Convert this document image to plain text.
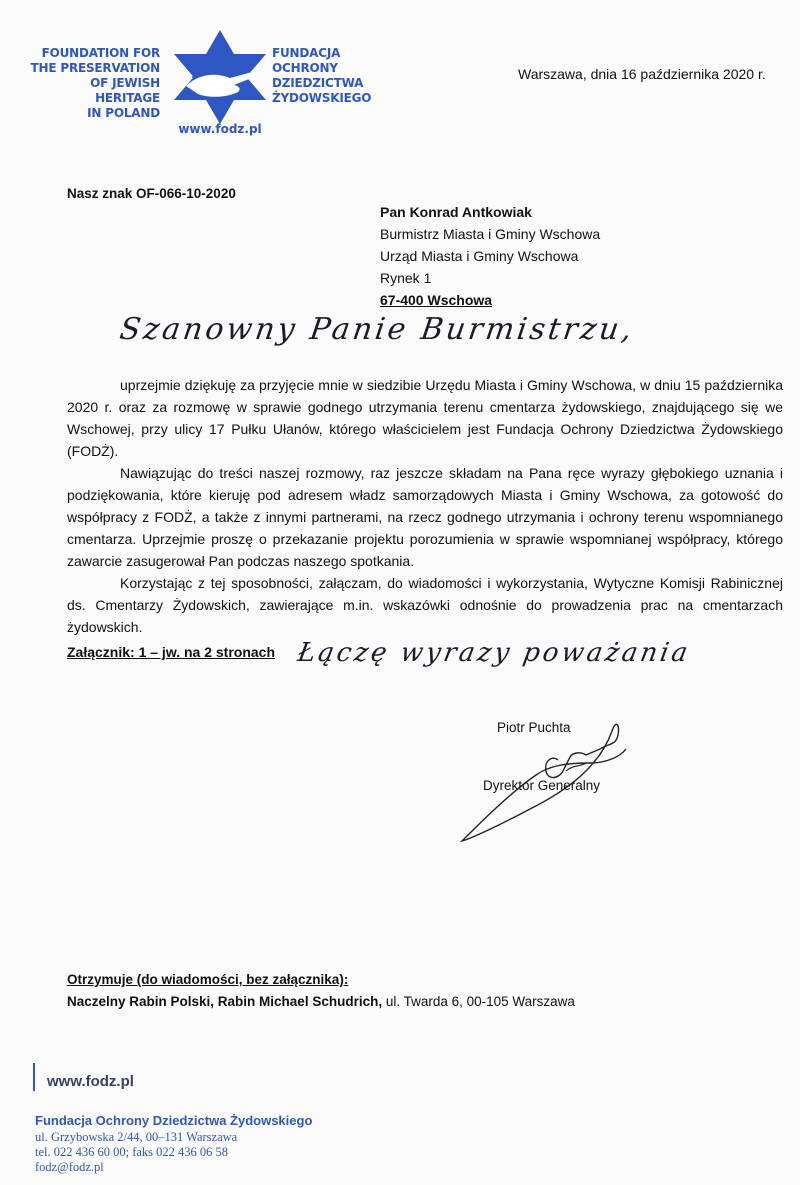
FOUNDATION FOR
THE PRESERVATION
OF JEWISH HERITAGE
IN POLAND
FUNDACJA
OCHRONY
DZIEDZICTWA
ŻYDOWSKIEGO
www.fodz.pl
Warszawa, dnia 16 października 2020 r.
Nasz znak OF-066-10-2020
Pan Konrad Antkowiak
Burmistrz Miasta i Gminy Wschowa
Urząd Miasta i Gminy Wschowa
Rynek 1
67-400 Wschowa
Szanowny Panie Burmistrzu,

uprzejmie dziękuję za przyjęcie mnie w siedzibie Urzędu Miasta i Gminy Wschowa, w dniu 15 października 2020 r. oraz za rozmowę w sprawie godnego utrzymania terenu cmentarza żydowskiego, znajdującego się we Wschowej, przy ulicy 17 Pułku Ułanów, którego właścicielem jest Fundacja Ochrony Dziedzictwa Żydowskiego (FODŻ).

Nawiązując do treści naszej rozmowy, raz jeszcze składam na Pana ręce wyrazy głębokiego uznania i podziękowania, które kieruję pod adresem władz samorządowych Miasta i Gminy Wschowa, za gotowość do współpracy z FODŻ, a także z innymi partnerami, na rzecz godnego utrzymania i ochrony terenu wspomnianego cmentarza. Uprzejmie proszę o przekazanie projektu porozumienia w sprawie wspomnianej współpracy, którego zawarcie zasugerował Pan podczas naszego spotkania.

Korzystając z tej sposobności, załączam, do wiadomości i wykorzystania, Wytyczne Komisji Rabinicznej ds. Cmentarzy Żydowskich, zawierające m.in. wskazówki odnośnie do prowadzenia prac na cmentarzach żydowskich.

Załącznik: 1 – jw. na 2 stronach Łączę wyrazy poważania
Piotr Puchta
Dyrektor Generalny
Otrzymuje (do wiadomości, bez załącznika):
Naczelny Rabin Polski, Rabin Michael Schudrich, ul. Twarda 6, 00-105 Warszawa
www.fodz.pl
Fundacja Ochrony Dziedzictwa Żydowskiego
ul. Grzybowska 2/44, 00–131 Warszawa
tel. 022 436 60 00; faks 022 436 06 58
fodz@fodz.pl
